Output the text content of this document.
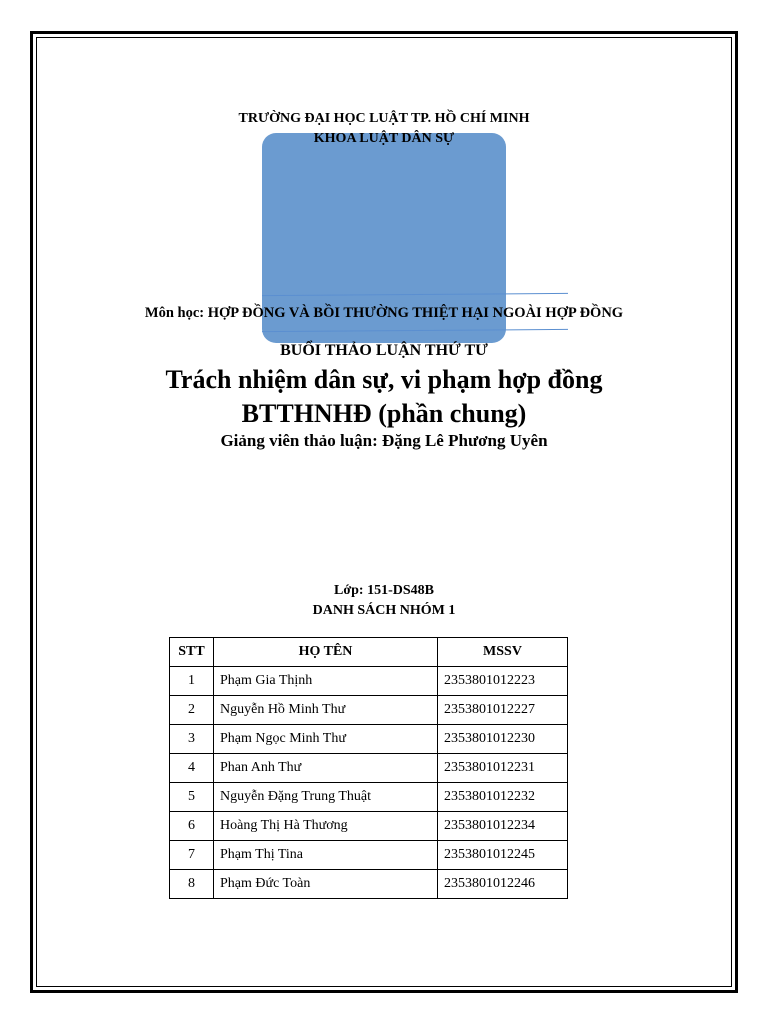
TRƯỜNG ĐẠI HỌC LUẬT TP. HỒ CHÍ MINH
KHOA LUẬT DÂN SỰ
Môn học: HỢP ĐỒNG VÀ BỒI THƯỜNG THIỆT HẠI NGOÀI HỢP ĐỒNG
BUỔI THẢO LUẬN THỨ TƯ
Trách nhiệm dân sự, vi phạm hợp đồng
BTTHNHĐ (phần chung)
Giảng viên thảo luận: Đặng Lê Phương Uyên
Lớp: 151-DS48B
DANH SÁCH NHÓM 1
STT	HỌ TÊN	MSSV
1	Phạm Gia Thịnh	2353801012223
2	Nguyễn Hồ Minh Thư	2353801012227
3	Phạm Ngọc Minh Thư	2353801012230
4	Phan Anh Thư	2353801012231
5	Nguyễn Đặng Trung Thuật	2353801012232
6	Hoàng Thị Hà Thương	2353801012234
7	Phạm Thị Tina	2353801012245
8	Phạm Đức Toàn	2353801012246
